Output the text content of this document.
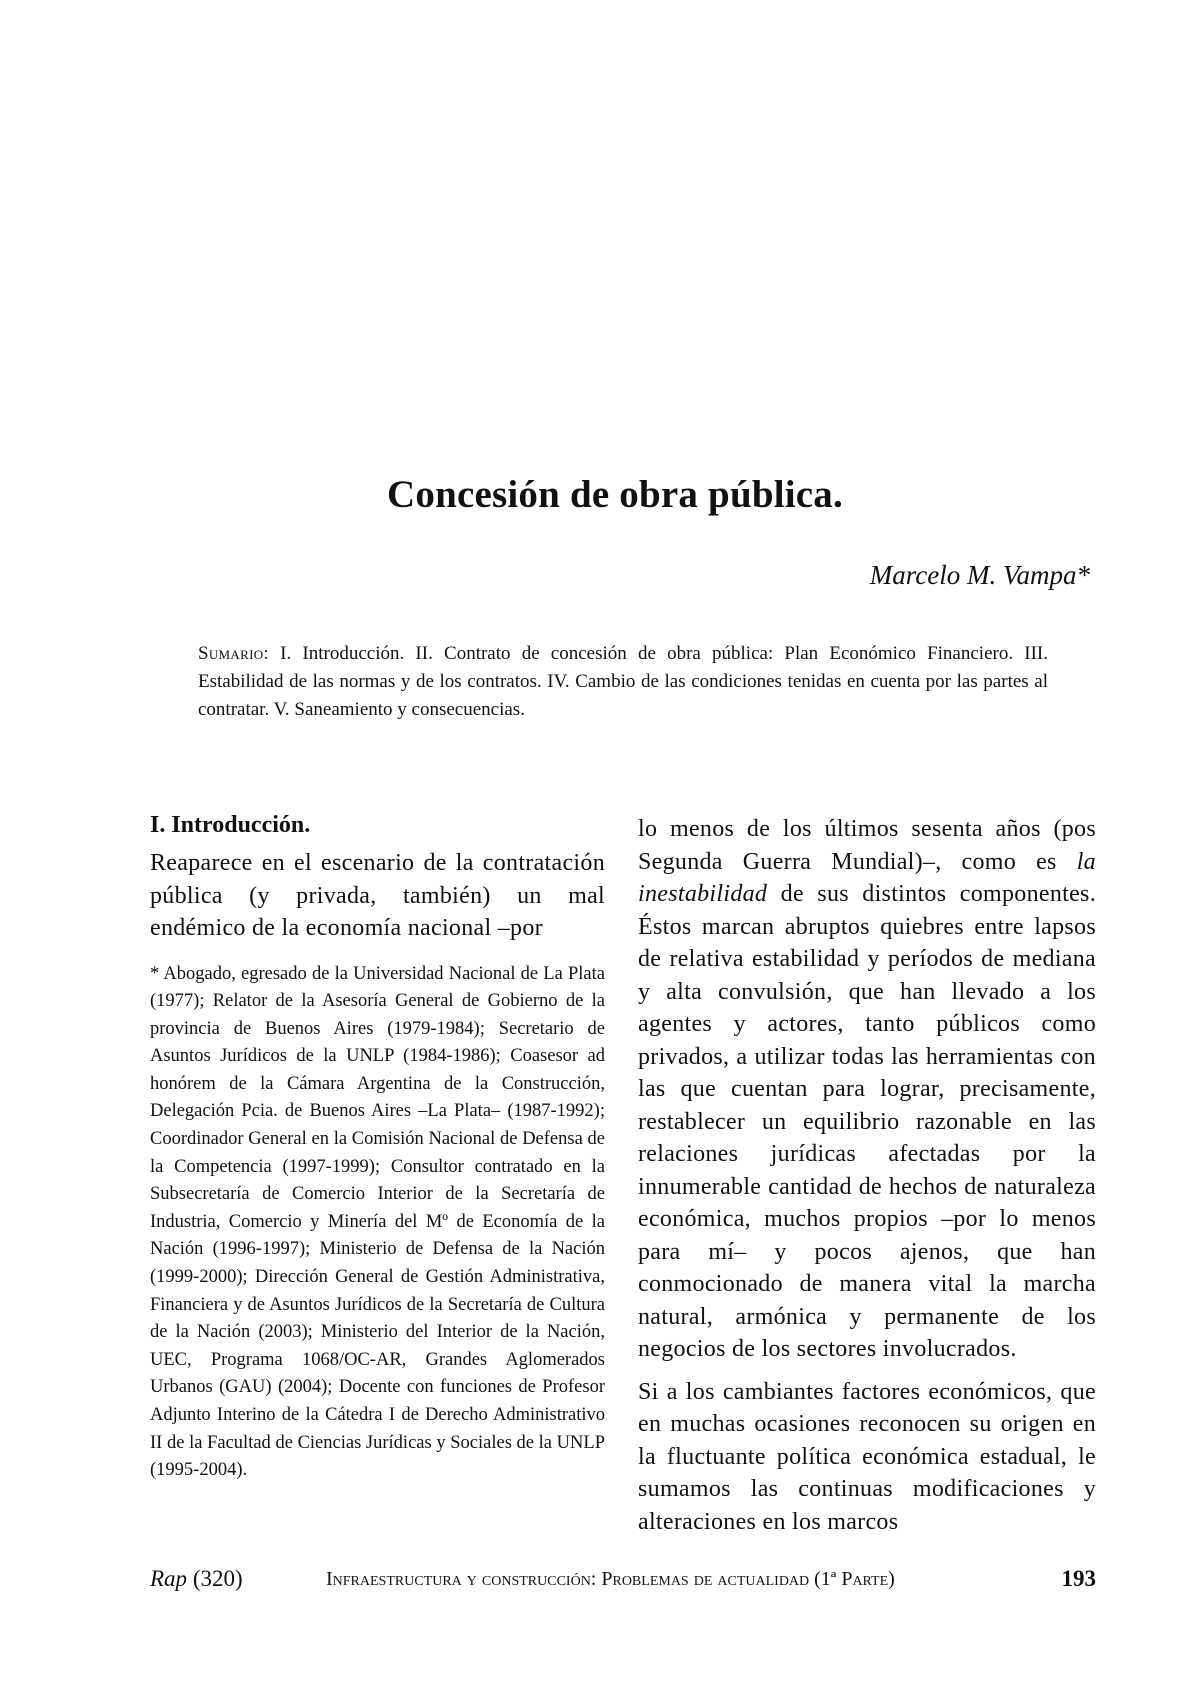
Concesión de obra pública.
Marcelo M. Vampa*
Sumario: I. Introducción. II. Contrato de concesión de obra pública: Plan Económico Financiero. III. Estabilidad de las normas y de los contratos. IV. Cambio de las condiciones tenidas en cuenta por las partes al contratar. V. Saneamiento y consecuencias.
I. Introducción.

Reaparece en el escenario de la contratación pública (y privada, también) un mal endémico de la economía nacional –por

* Abogado, egresado de la Universidad Nacional de La Plata (1977); Relator de la Asesoría General de Gobierno de la provincia de Buenos Aires (1979-1984); Secretario de Asuntos Jurídicos de la UNLP (1984-1986); Coasesor ad honórem de la Cámara Argentina de la Construcción, Delegación Pcia. de Buenos Aires –La Plata– (1987-1992); Coordinador General en la Comisión Nacional de Defensa de la Competencia (1997-1999); Consultor contratado en la Subsecretaría de Comercio Interior de la Secretaría de Industria, Comercio y Minería del Mº de Economía de la Nación (1996-1997); Ministerio de Defensa de la Nación (1999-2000); Dirección General de Gestión Administrativa, Financiera y de Asuntos Jurídicos de la Secretaría de Cultura de la Nación (2003); Ministerio del Interior de la Nación, UEC, Programa 1068/OC-AR, Grandes Aglomerados Urbanos (GAU) (2004); Docente con funciones de Profesor Adjunto Interino de la Cátedra I de Derecho Administrativo II de la Facultad de Ciencias Jurídicas y Sociales de la UNLP (1995-2004).

lo menos de los últimos sesenta años (pos Segunda Guerra Mundial)–, como es la inestabilidad de sus distintos componentes. Éstos marcan abruptos quiebres entre lapsos de relativa estabilidad y períodos de mediana y alta convulsión, que han llevado a los agentes y actores, tanto públicos como privados, a utilizar todas las herramientas con las que cuentan para lograr, precisamente, restablecer un equilibrio razonable en las relaciones jurídicas afectadas por la innumerable cantidad de hechos de naturaleza económica, muchos propios –por lo menos para mí– y pocos ajenos, que han conmocionado de manera vital la marcha natural, armónica y permanente de los negocios de los sectores involucrados.

Si a los cambiantes factores económicos, que en muchas ocasiones reconocen su origen en la fluctuante política económica estadual, le sumamos las continuas modificaciones y alteraciones en los marcos

Rap (320)	Infraestructura y construcción: Problemas de actualidad (1ª Parte)	193
